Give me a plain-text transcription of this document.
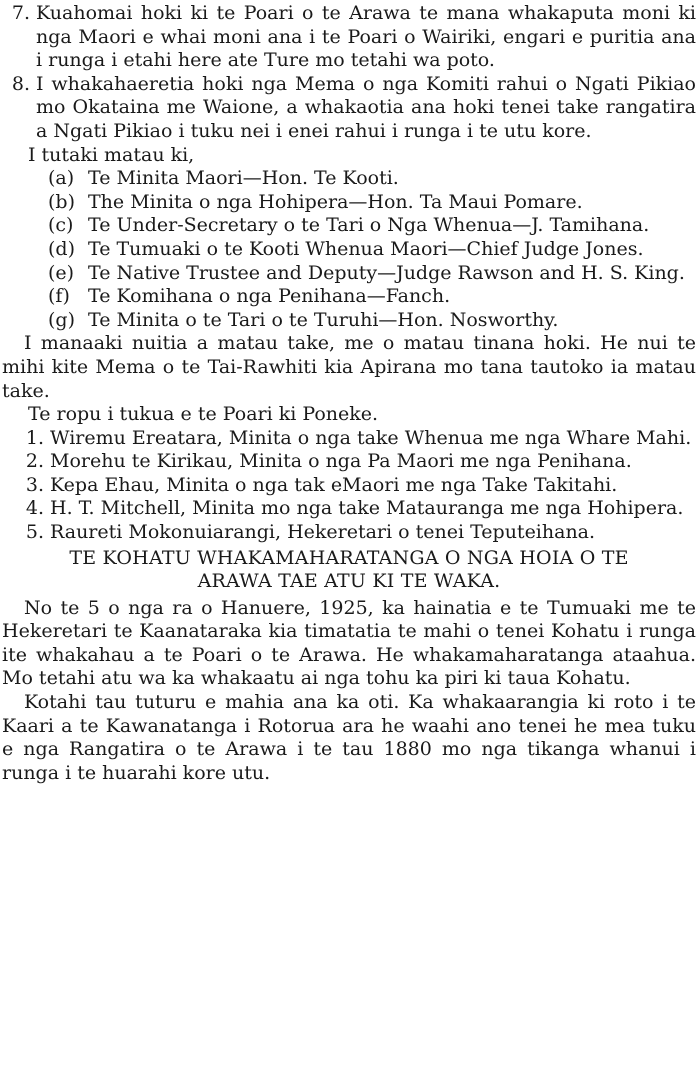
7. Kuahomai hoki ki te Poari o te Arawa te mana whakaputa moni ki nga Maori e whai moni ana i te Poari o Wairiki, engari e puritia ana i runga i etahi here ate Ture mo tetahi wa poto.
8. I whakahaeretia hoki nga Mema o nga Komiti rahui o Ngati Pikiao mo Okataina me Waione, a whakaotia ana hoki tenei take rangatira a Ngati Pikiao i tuku nei i enei rahui i runga i te utu kore.
I tutaki matau ki,
(a) Te Minita Maori—Hon. Te Kooti.
(b) The Minita o nga Hohipera—Hon. Ta Maui Pomare.
(c) Te Under-Secretary o te Tari o Nga Whenua—J. Tamihana.
(d) Te Tumuaki o te Kooti Whenua Maori—Chief Judge Jones.
(e) Te Native Trustee and Deputy—Judge Rawson and H. S. King.
(f) Te Komihana o nga Penihana—Fanch.
(g) Te Minita o te Tari o te Turuhi—Hon. Nosworthy.

I manaaki nuitia a matau take, me o matau tinana hoki. He nui te mihi kite Mema o te Tai-Rawhiti kia Apirana mo tana tautoko ia matau take.

Te ropu i tukua e te Poari ki Poneke.
1. Wiremu Ereatara, Minita o nga take Whenua me nga Whare Mahi.
2. Morehu te Kirikau, Minita o nga Pa Maori me nga Penihana.
3. Kepa Ehau, Minita o nga tak eMaori me nga Take Takitahi.
4. H. T. Mitchell, Minita mo nga take Matauranga me nga Hohipera.
5. Raureti Mokonuiarangi, Hekeretari o tenei Teputeihana.
TE KOHATU WHAKAMAHARATANGA O NGA HOIA O TE
ARAWA TAE ATU KI TE WAKA.

No te 5 o nga ra o Hanuere, 1925, ka hainatia e te Tumuaki me te Hekeretari te Kaanataraka kia timatatia te mahi o tenei Kohatu i runga ite whakahau a te Poari o te Arawa. He whakamaharatanga ataahua. Mo tetahi atu wa ka whakaatu ai nga tohu ka piri ki taua Kohatu.

Kotahi tau tuturu e mahia ana ka oti. Ka whakaarangia ki roto i te Kaari a te Kawanatanga i Rotorua ara he waahi ano tenei he mea tuku e nga Rangatira o te Arawa i te tau 1880 mo nga tikanga whanui i runga i te huarahi kore utu.
